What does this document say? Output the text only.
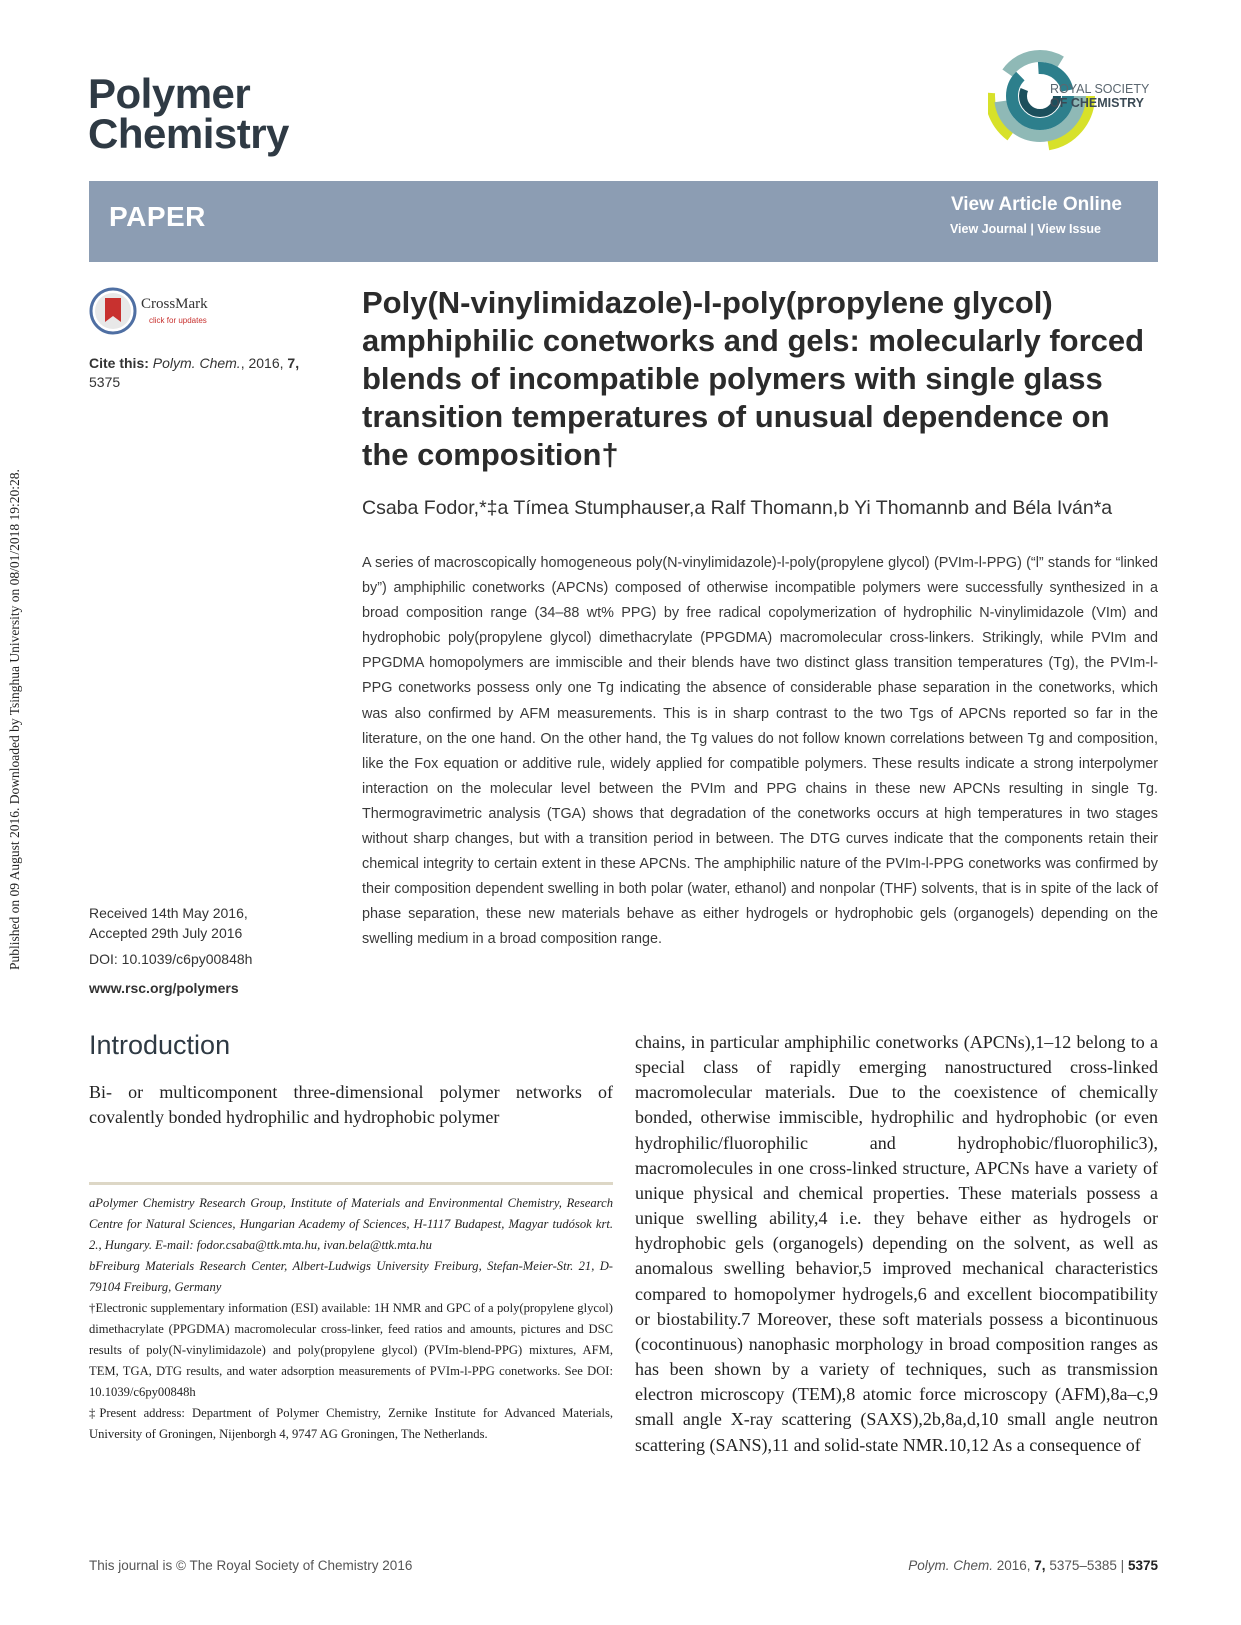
Published on 09 August 2016. Downloaded by Tsinghua University on 08/01/2018 19:20:28.
Polymer
Chemistry
ROYAL SOCIETY
OF CHEMISTRY
PAPER	View Article Online
View Journal | View Issue
CrossMark
click for updates
Cite this: Polym. Chem., 2016, 7,
5375
Poly(N-vinylimidazole)-l-poly(propylene glycol) amphiphilic conetworks and gels: molecularly forced blends of incompatible polymers with single glass transition temperatures of unusual dependence on the composition†
Csaba Fodor,*‡a Tímea Stumphauser,a Ralf Thomann,b Yi Thomannb and Béla Iván*a
A series of macroscopically homogeneous poly(N-vinylimidazole)-l-poly(propylene glycol) (PVIm-l-PPG) (“l” stands for “linked by”) amphiphilic conetworks (APCNs) composed of otherwise incompatible polymers were successfully synthesized in a broad composition range (34–88 wt% PPG) by free radical copolymerization of hydrophilic N-vinylimidazole (VIm) and hydrophobic poly(propylene glycol) dimethacrylate (PPGDMA) macromolecular cross-linkers. Strikingly, while PVIm and PPGDMA homopolymers are immiscible and their blends have two distinct glass transition temperatures (Tg), the PVIm-l-PPG conetworks possess only one Tg indicating the absence of considerable phase separation in the conetworks, which was also confirmed by AFM measurements. This is in sharp contrast to the two Tgs of APCNs reported so far in the literature, on the one hand. On the other hand, the Tg values do not follow known correlations between Tg and composition, like the Fox equation or additive rule, widely applied for compatible polymers. These results indicate a strong interpolymer interaction on the molecular level between the PVIm and PPG chains in these new APCNs resulting in single Tg. Thermogravimetric analysis (TGA) shows that degradation of the conetworks occurs at high temperatures in two stages without sharp changes, but with a transition period in between. The DTG curves indicate that the components retain their chemical integrity to certain extent in these APCNs. The amphiphilic nature of the PVIm-l-PPG conetworks was confirmed by their composition dependent swelling in both polar (water, ethanol) and nonpolar (THF) solvents, that is in spite of the lack of phase separation, these new materials behave as either hydrogels or hydrophobic gels (organogels) depending on the swelling medium in a broad composition range.
Received 14th May 2016,
Accepted 29th July 2016
DOI: 10.1039/c6py00848h
www.rsc.org/polymers
Introduction
Bi- or multicomponent three-dimensional polymer networks of covalently bonded hydrophilic and hydrophobic polymer

aPolymer Chemistry Research Group, Institute of Materials and Environmental Chemistry, Research Centre for Natural Sciences, Hungarian Academy of Sciences, H-1117 Budapest, Magyar tudósok krt. 2., Hungary. E-mail: fodor.csaba@ttk.mta.hu, ivan.bela@ttk.mta.hu

bFreiburg Materials Research Center, Albert-Ludwigs University Freiburg, Stefan-Meier-Str. 21, D-79104 Freiburg, Germany

†Electronic supplementary information (ESI) available: 1H NMR and GPC of a poly(propylene glycol) dimethacrylate (PPGDMA) macromolecular cross-linker, feed ratios and amounts, pictures and DSC results of poly(N-vinylimidazole) and poly(propylene glycol) (PVIm-blend-PPG) mixtures, AFM, TEM, TGA, DTG results, and water adsorption measurements of PVIm-l-PPG conetworks. See DOI: 10.1039/c6py00848h

‡Present address: Department of Polymer Chemistry, Zernike Institute for Advanced Materials, University of Groningen, Nijenborgh 4, 9747 AG Groningen, The Netherlands.

chains, in particular amphiphilic conetworks (APCNs),1–12 belong to a special class of rapidly emerging nanostructured cross-linked macromolecular materials. Due to the coexistence of chemically bonded, otherwise immiscible, hydrophilic and hydrophobic (or even hydrophilic/fluorophilic and hydrophobic/fluorophilic3), macromolecules in one cross-linked structure, APCNs have a variety of unique physical and chemical properties. These materials possess a unique swelling ability,4 i.e. they behave either as hydrogels or hydrophobic gels (organogels) depending on the solvent, as well as anomalous swelling behavior,5 improved mechanical characteristics compared to homopolymer hydrogels,6 and excellent biocompatibility or biostability.7 Moreover, these soft materials possess a bicontinuous (cocontinuous) nanophasic morphology in broad composition ranges as has been shown by a variety of techniques, such as transmission electron microscopy (TEM),8 atomic force microscopy (AFM),8a–c,9 small angle X-ray scattering (SAXS),2b,8a,d,10 small angle neutron scattering (SANS),11 and solid-state NMR.10,12 As a consequence of
This journal is © The Royal Society of Chemistry 2016	Polym. Chem. 2016, 7, 5375–5385 | 5375
